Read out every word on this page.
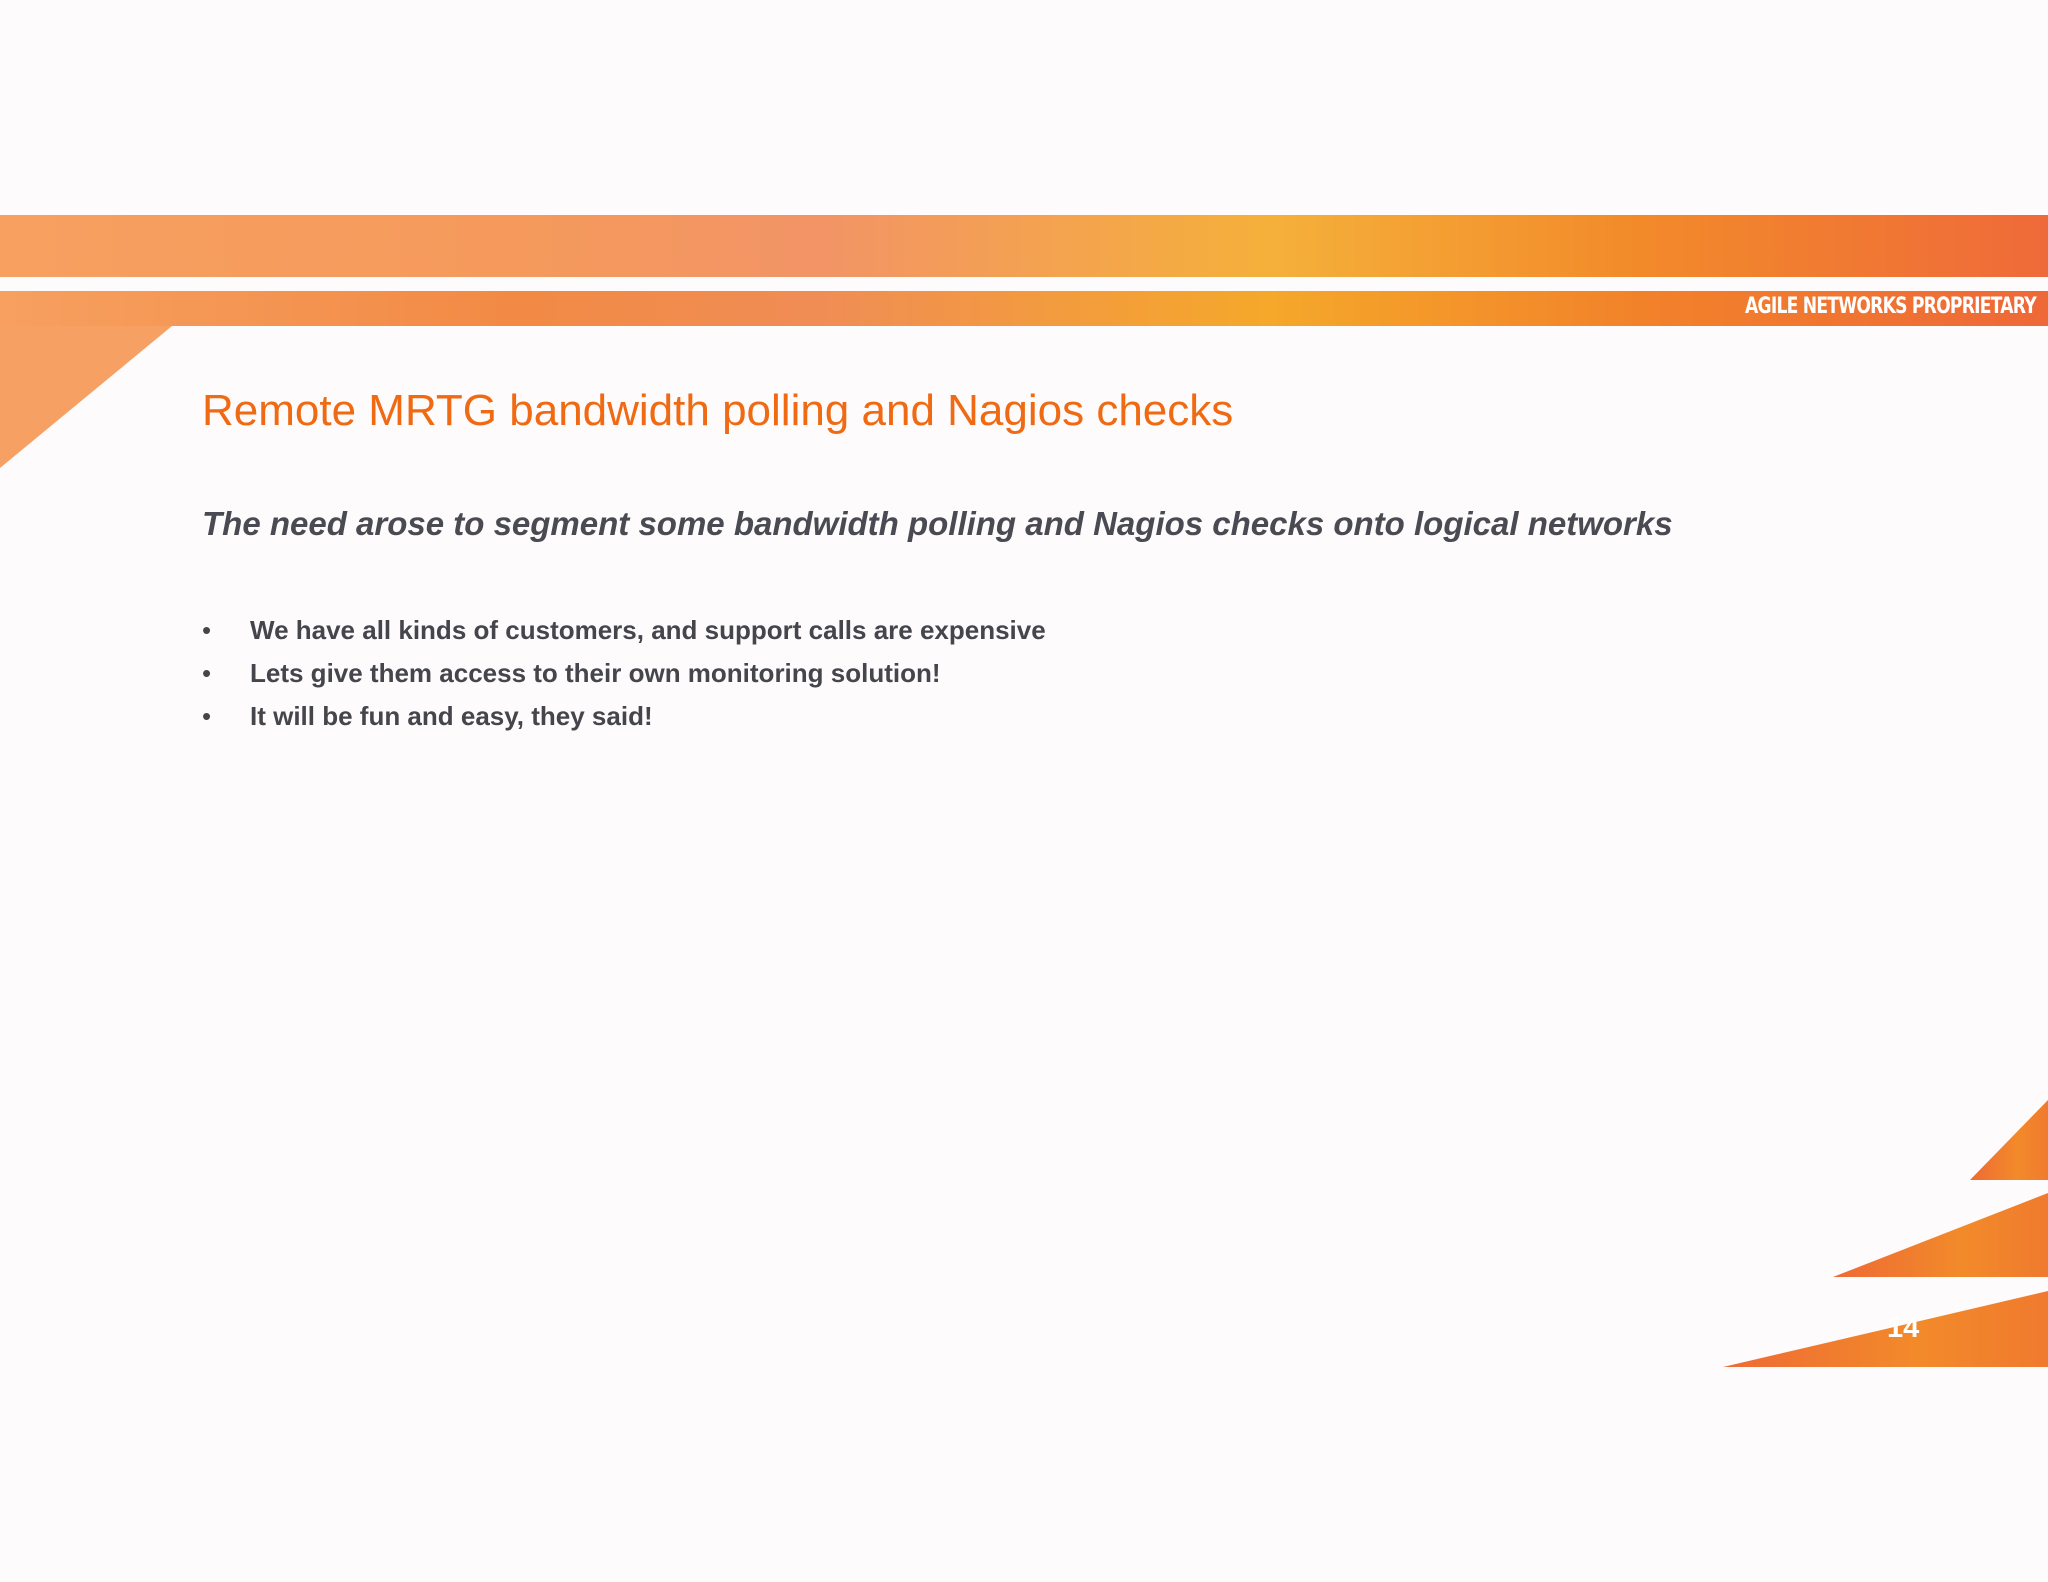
AGILE NETWORKS PROPRIETARY
Remote MRTG bandwidth polling and Nagios checks
The need arose to segment some bandwidth polling and Nagios checks onto logical networks
• We have all kinds of customers, and support calls are expensive
• Lets give them access to their own monitoring solution!
• It will be fun and easy, they said!
14
